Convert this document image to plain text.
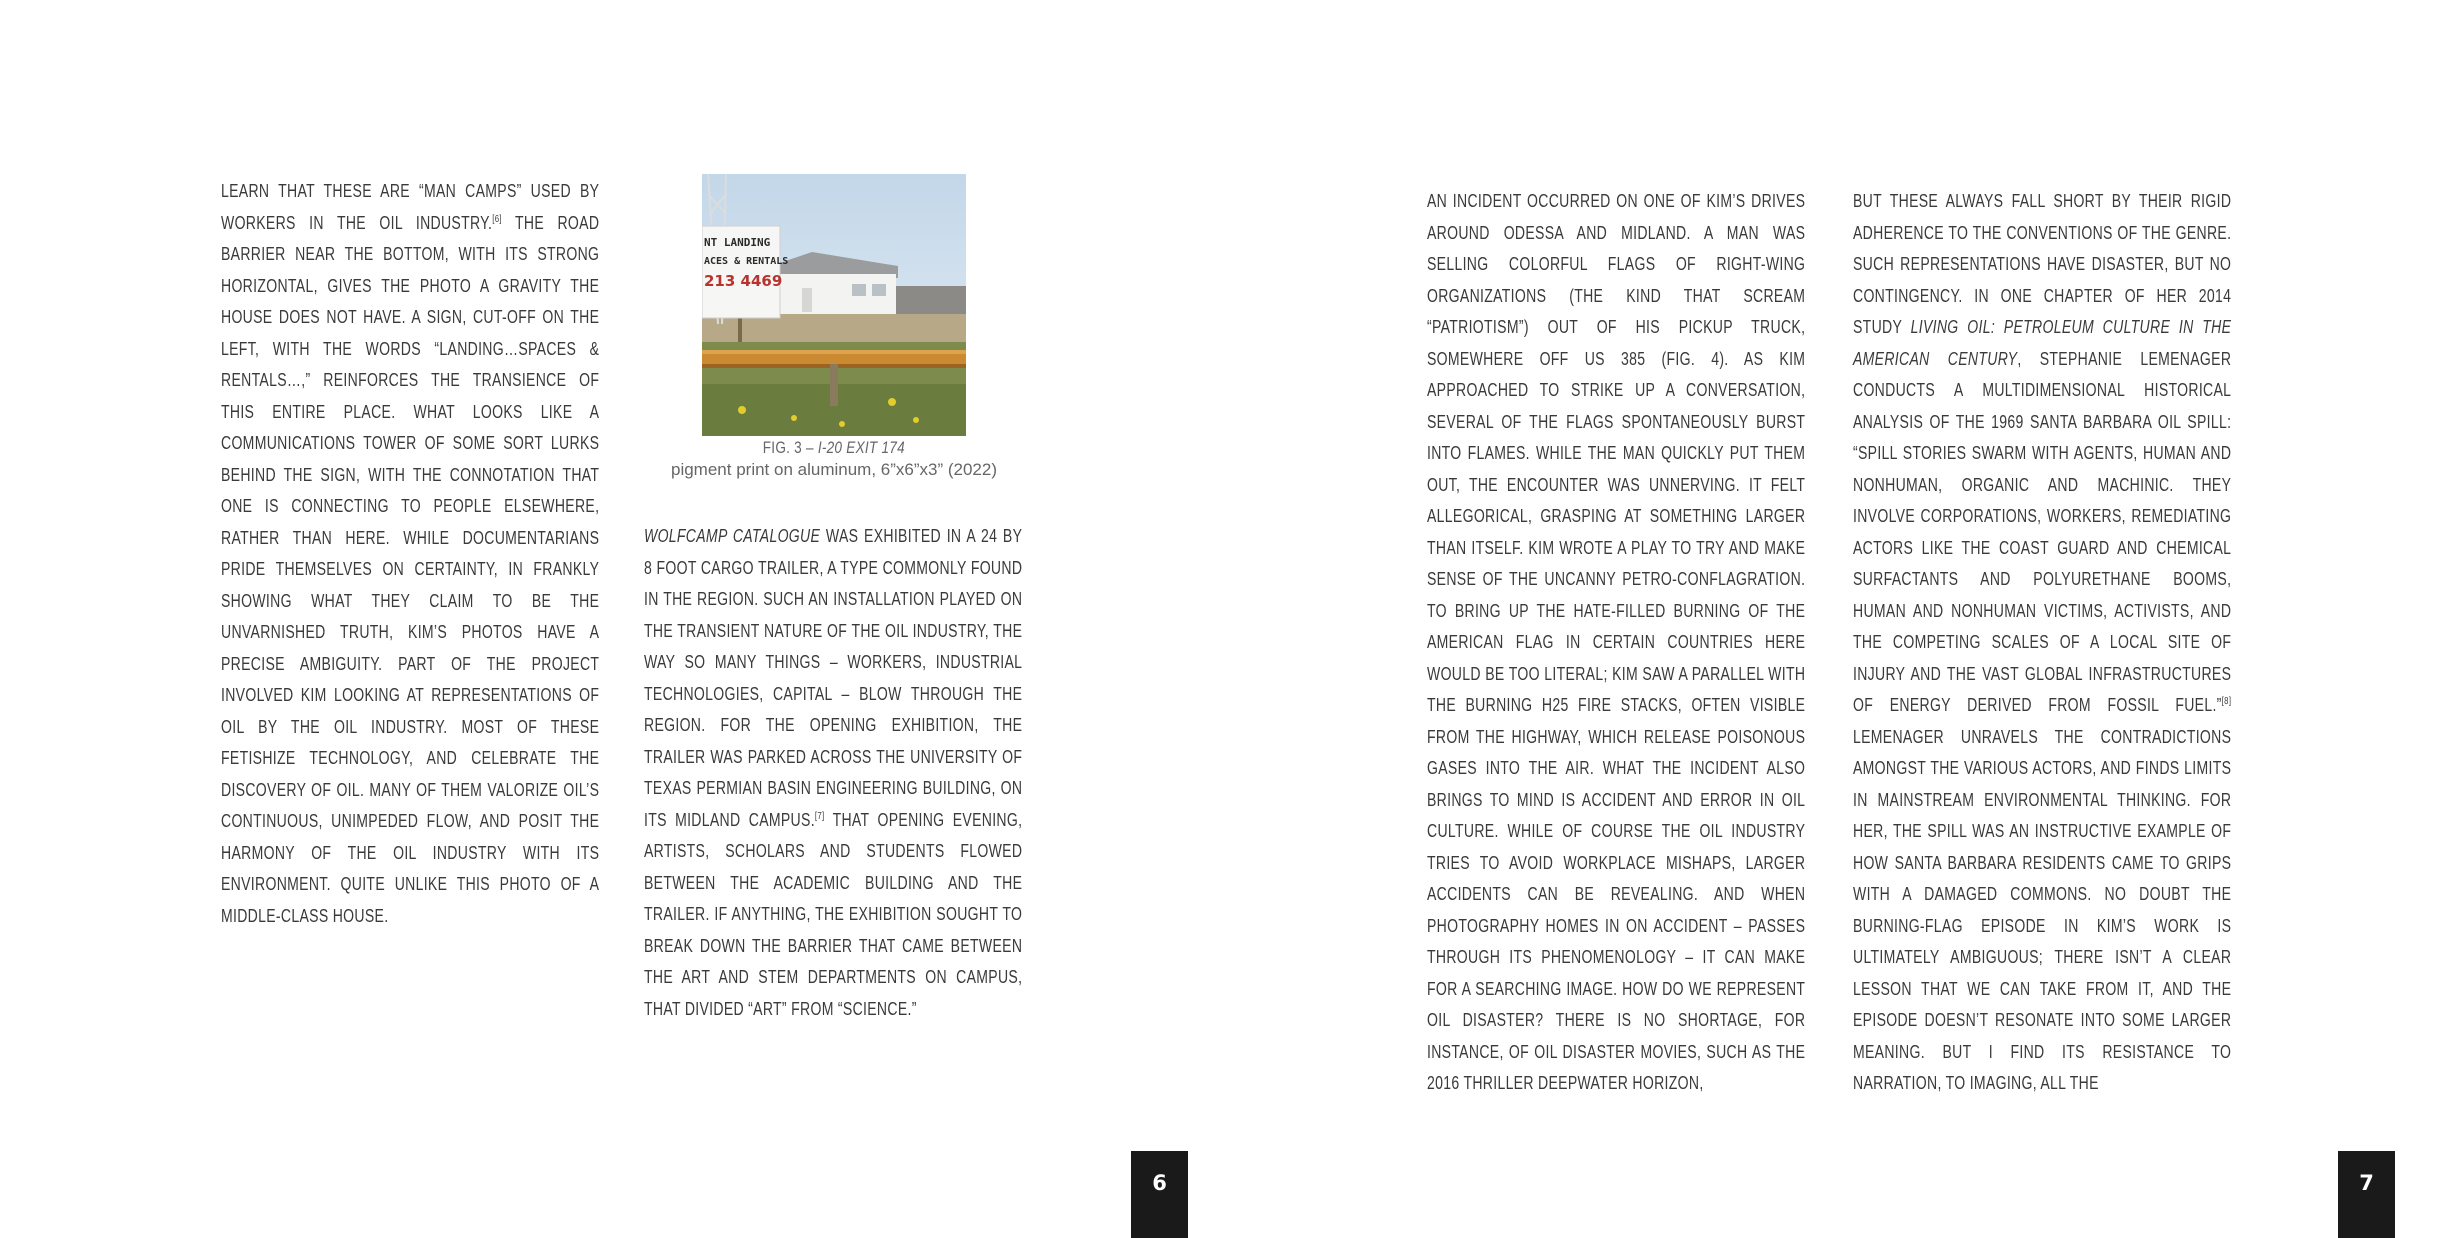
LEARN THAT THESE ARE “MAN CAMPS” USED BY WORKERS IN THE OIL INDUSTRY.[6] THE ROAD BARRIER NEAR THE BOTTOM, WITH ITS STRONG HORIZONTAL, GIVES THE PHOTO A GRAVITY THE HOUSE DOES NOT HAVE. A SIGN, CUT-OFF ON THE LEFT, WITH THE WORDS “LANDING…SPACES & RENTALS…,” REINFORCES THE TRANSIENCE OF THIS ENTIRE PLACE. WHAT LOOKS LIKE A COMMUNICATIONS TOWER OF SOME SORT LURKS BEHIND THE SIGN, WITH THE CONNOTATION THAT ONE IS CONNECTING TO PEOPLE ELSEWHERE, RATHER THAN HERE. WHILE DOCUMENTARIANS PRIDE THEMSELVES ON CERTAINTY, IN FRANKLY SHOWING WHAT THEY CLAIM TO BE THE UNVARNISHED TRUTH, KIM’S PHOTOS HAVE A PRECISE AMBIGUITY. PART OF THE PROJECT INVOLVED KIM LOOKING AT REPRESENTATIONS OF OIL BY THE OIL INDUSTRY. MOST OF THESE FETISHIZE TECHNOLOGY, AND CELEBRATE THE DISCOVERY OF OIL. MANY OF THEM VALORIZE OIL’S CONTINUOUS, UNIMPEDED FLOW, AND POSIT THE HARMONY OF THE OIL INDUSTRY WITH ITS ENVIRONMENT. QUITE UNLIKE THIS PHOTO OF A MIDDLE-CLASS HOUSE.

NT LANDING
ACES & RENTALS
213 4469
FIG. 3 – I-20 EXIT 174
pigment print on aluminum, 6”x6”x3” (2022)

WOLFCAMP CATALOGUE WAS EXHIBITED IN A 24 BY 8 FOOT CARGO TRAILER, A TYPE COMMONLY FOUND IN THE REGION. SUCH AN INSTALLATION PLAYED ON THE TRANSIENT NATURE OF THE OIL INDUSTRY, THE WAY SO MANY THINGS – WORKERS, INDUSTRIAL TECHNOLOGIES, CAPITAL – BLOW THROUGH THE REGION. FOR THE OPENING EXHIBITION, THE TRAILER WAS PARKED ACROSS THE UNIVERSITY OF TEXAS PERMIAN BASIN ENGINEERING BUILDING, ON ITS MIDLAND CAMPUS.[7] THAT OPENING EVENING, ARTISTS, SCHOLARS AND STUDENTS FLOWED BETWEEN THE ACADEMIC BUILDING AND THE TRAILER. IF ANYTHING, THE EXHIBITION SOUGHT TO BREAK DOWN THE BARRIER THAT CAME BETWEEN THE ART AND STEM DEPARTMENTS ON CAMPUS, THAT DIVIDED “ART” FROM “SCIENCE.”

AN INCIDENT OCCURRED ON ONE OF KIM’S DRIVES AROUND ODESSA AND MIDLAND. A MAN WAS SELLING COLORFUL FLAGS OF RIGHT-WING ORGANIZATIONS (THE KIND THAT SCREAM “PATRIOTISM”) OUT OF HIS PICKUP TRUCK, SOMEWHERE OFF US 385 (FIG. 4). AS KIM APPROACHED TO STRIKE UP A CONVERSATION, SEVERAL OF THE FLAGS SPONTANEOUSLY BURST INTO FLAMES. WHILE THE MAN QUICKLY PUT THEM OUT, THE ENCOUNTER WAS UNNERVING. IT FELT ALLEGORICAL, GRASPING AT SOMETHING LARGER THAN ITSELF. KIM WROTE A PLAY TO TRY AND MAKE SENSE OF THE UNCANNY PETRO-CONFLAGRATION. TO BRING UP THE HATE-FILLED BURNING OF THE AMERICAN FLAG IN CERTAIN COUNTRIES HERE WOULD BE TOO LITERAL; KIM SAW A PARALLEL WITH THE BURNING H25 FIRE STACKS, OFTEN VISIBLE FROM THE HIGHWAY, WHICH RELEASE POISONOUS GASES INTO THE AIR. WHAT THE INCIDENT ALSO BRINGS TO MIND IS ACCIDENT AND ERROR IN OIL CULTURE. WHILE OF COURSE THE OIL INDUSTRY TRIES TO AVOID WORKPLACE MISHAPS, LARGER ACCIDENTS CAN BE REVEALING. AND WHEN PHOTOGRAPHY HOMES IN ON ACCIDENT – PASSES THROUGH ITS PHENOMENOLOGY – IT CAN MAKE FOR A SEARCHING IMAGE. HOW DO WE REPRESENT OIL DISASTER? THERE IS NO SHORTAGE, FOR INSTANCE, OF OIL DISASTER MOVIES, SUCH AS THE 2016 THRILLER DEEPWATER HORIZON,

BUT THESE ALWAYS FALL SHORT BY THEIR RIGID ADHERENCE TO THE CONVENTIONS OF THE GENRE. SUCH REPRESENTATIONS HAVE DISASTER, BUT NO CONTINGENCY. IN ONE CHAPTER OF HER 2014 STUDY LIVING OIL: PETROLEUM CULTURE IN THE AMERICAN CENTURY, STEPHANIE LEMENAGER CONDUCTS A MULTIDIMENSIONAL HISTORICAL ANALYSIS OF THE 1969 SANTA BARBARA OIL SPILL: “SPILL STORIES SWARM WITH AGENTS, HUMAN AND NONHUMAN, ORGANIC AND MACHINIC. THEY INVOLVE CORPORATIONS, WORKERS, REMEDIATING ACTORS LIKE THE COAST GUARD AND CHEMICAL SURFACTANTS AND POLYURETHANE BOOMS, HUMAN AND NONHUMAN VICTIMS, ACTIVISTS, AND THE COMPETING SCALES OF A LOCAL SITE OF INJURY AND THE VAST GLOBAL INFRASTRUCTURES OF ENERGY DERIVED FROM FOSSIL FUEL.”[8] LEMENAGER UNRAVELS THE CONTRADICTIONS AMONGST THE VARIOUS ACTORS, AND FINDS LIMITS IN MAINSTREAM ENVIRONMENTAL THINKING. FOR HER, THE SPILL WAS AN INSTRUCTIVE EXAMPLE OF HOW SANTA BARBARA RESIDENTS CAME TO GRIPS WITH A DAMAGED COMMONS. NO DOUBT THE BURNING-FLAG EPISODE IN KIM’S WORK IS ULTIMATELY AMBIGUOUS; THERE ISN’T A CLEAR LESSON THAT WE CAN TAKE FROM IT, AND THE EPISODE DOESN’T RESONATE INTO SOME LARGER MEANING. BUT I FIND ITS RESISTANCE TO NARRATION, TO IMAGING, ALL THE

6	7
